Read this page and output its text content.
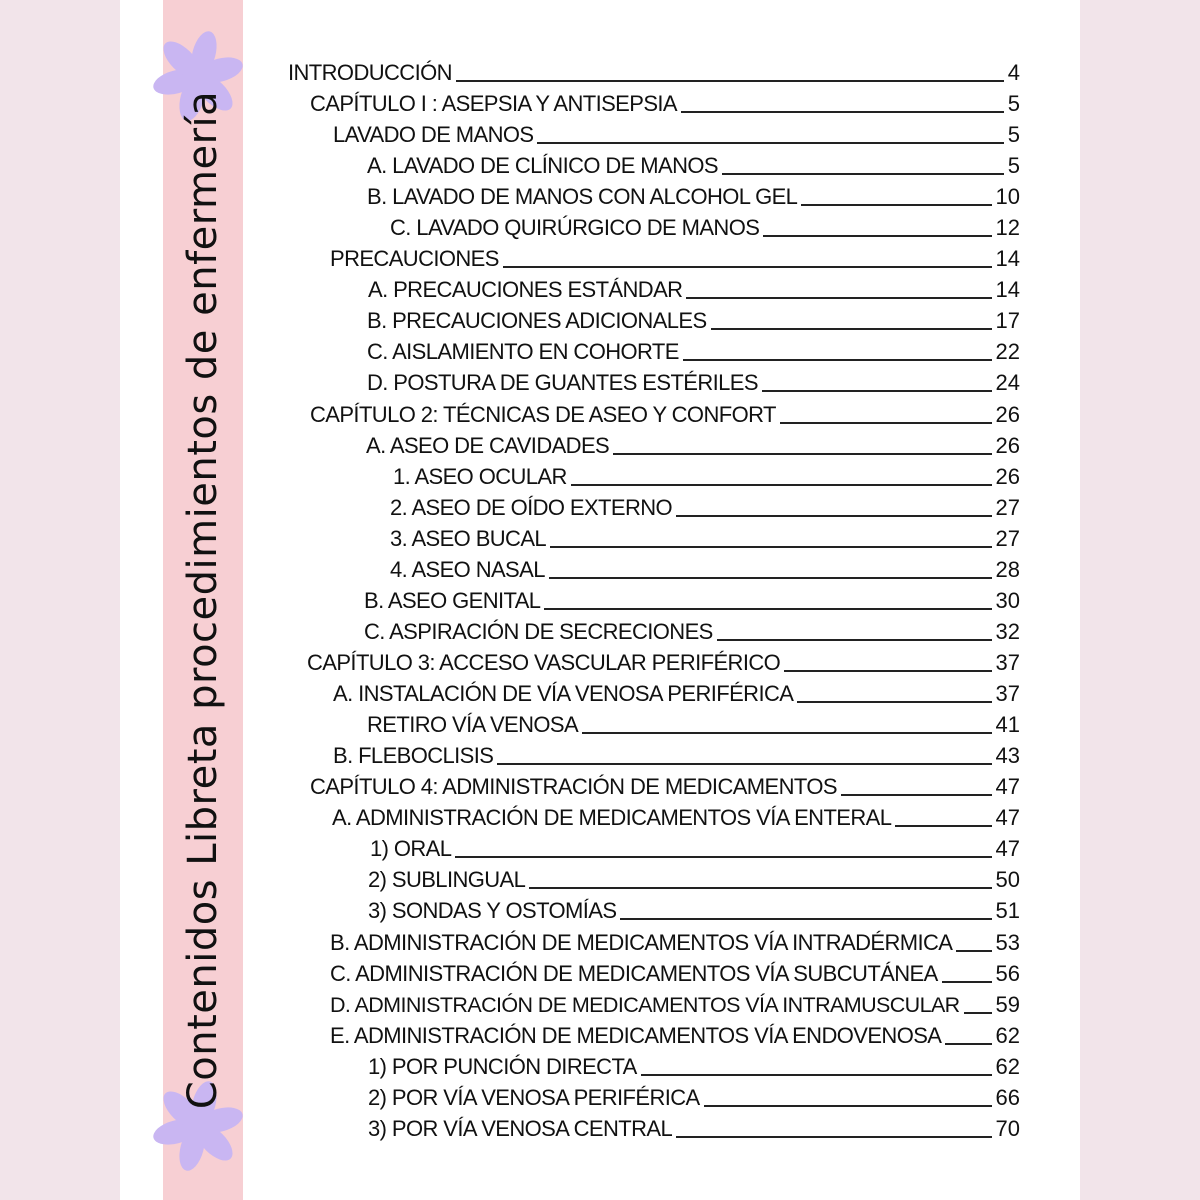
Contenidos Libreta procedimientos de enfermería
INTRODUCCIÓN	4
CAPÍTULO I : ASEPSIA Y ANTISEPSIA	5
LAVADO DE MANOS	5
A. LAVADO DE CLÍNICO DE MANOS	5
B. LAVADO DE MANOS CON ALCOHOL GEL	10
C. LAVADO QUIRÚRGICO DE MANOS	12
PRECAUCIONES	14
A. PRECAUCIONES ESTÁNDAR	14
B. PRECAUCIONES ADICIONALES	17
C. AISLAMIENTO EN COHORTE	22
D. POSTURA DE GUANTES ESTÉRILES	24
CAPÍTULO 2: TÉCNICAS DE ASEO Y CONFORT	26
A. ASEO DE CAVIDADES	26
1. ASEO OCULAR	26
2. ASEO DE OÍDO EXTERNO	27
3. ASEO BUCAL	27
4. ASEO NASAL	28
B. ASEO GENITAL	30
C. ASPIRACIÓN DE SECRECIONES	32
CAPÍTULO 3: ACCESO VASCULAR PERIFÉRICO	37
A. INSTALACIÓN DE VÍA VENOSA PERIFÉRICA	37
RETIRO VÍA VENOSA	41
B. FLEBOCLISIS	43
CAPÍTULO 4: ADMINISTRACIÓN DE MEDICAMENTOS	47
A. ADMINISTRACIÓN DE MEDICAMENTOS VÍA ENTERAL	47
1) ORAL	47
2) SUBLINGUAL	50
3) SONDAS Y OSTOMÍAS	51
B. ADMINISTRACIÓN DE MEDICAMENTOS VÍA INTRADÉRMICA 53
C. ADMINISTRACIÓN DE MEDICAMENTOS VÍA SUBCUTÁNEA	56
D. ADMINISTRACIÓN DE MEDICAMENTOS VÍA INTRAMUSCULAR 59
E. ADMINISTRACIÓN DE MEDICAMENTOS VÍA ENDOVENOSA 62
1) POR PUNCIÓN DIRECTA	62
2) POR VÍA VENOSA PERIFÉRICA	66
3) POR VÍA VENOSA CENTRAL	70
